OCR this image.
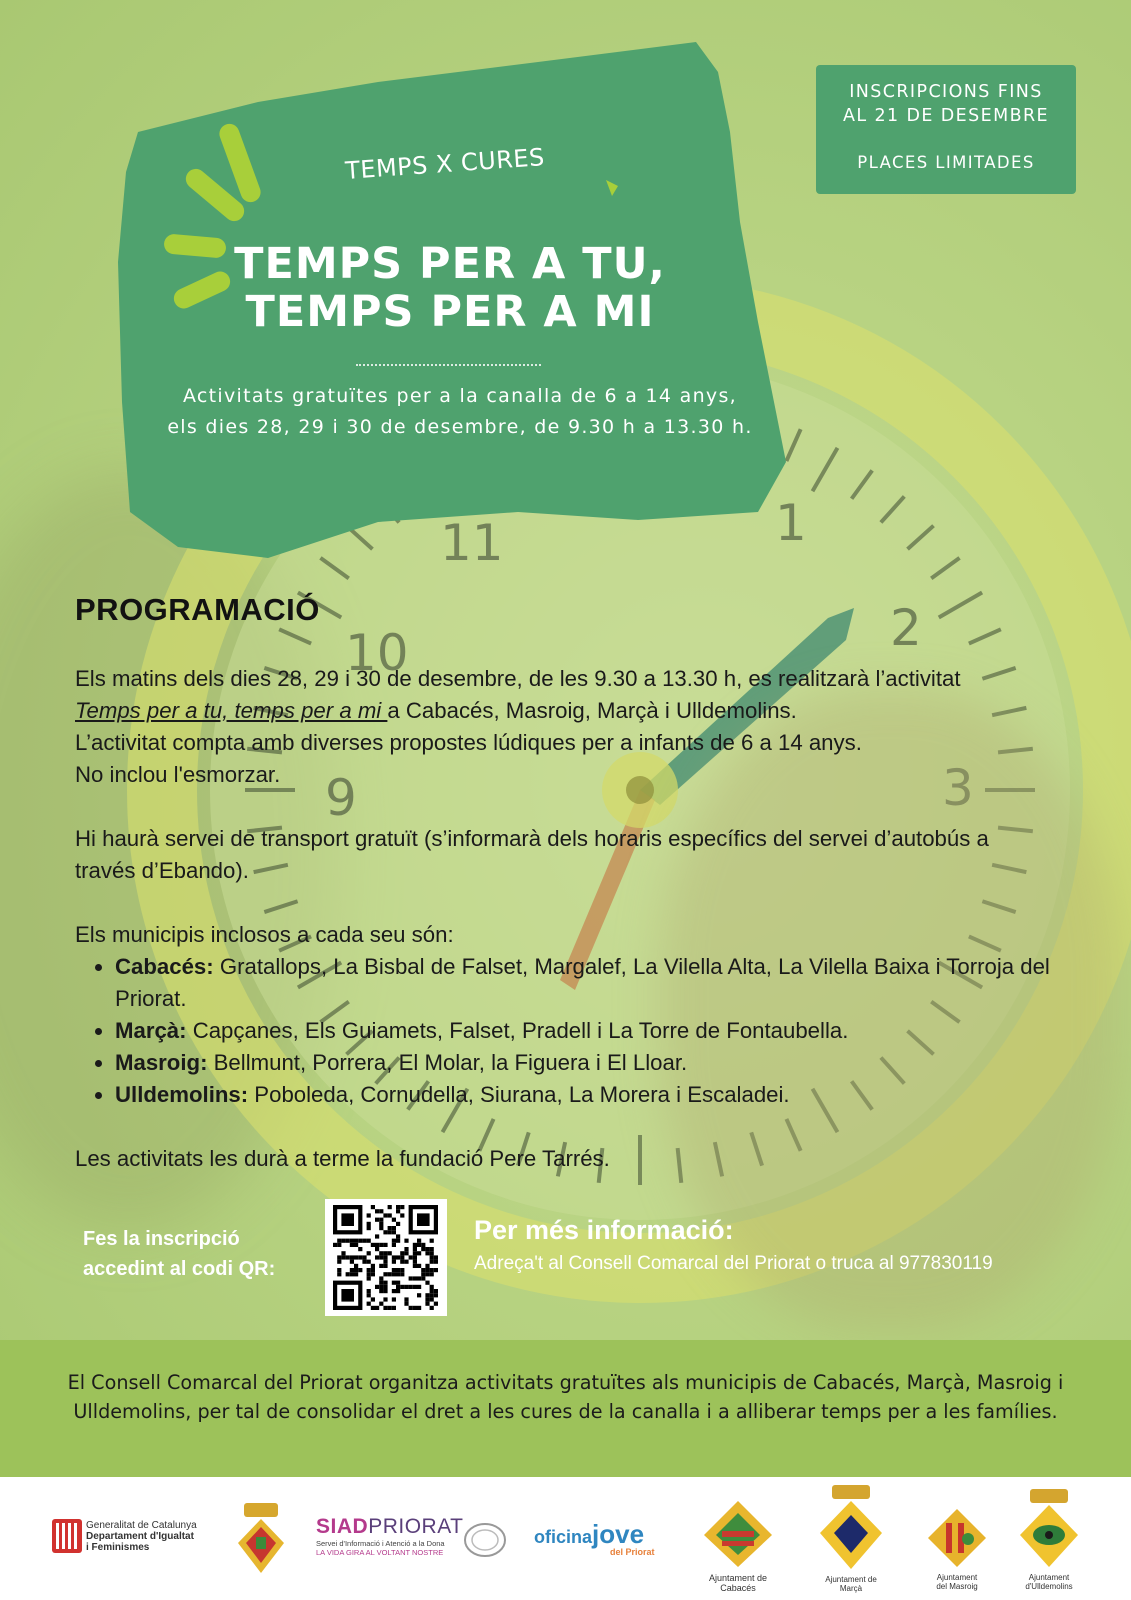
1
2
3
9
10
11
TEMPS X CURES
TEMPS PER A TU,
TEMPS PER A MI
Activitats gratuïtes per a la canalla de 6 a 14 anys,
els dies 28, 29 i 30 de desembre, de 9.30 h a 13.30 h.
INSCRIPCIONS FINS
AL 21 DE DESEMBRE
PLACES LIMITADES
PROGRAMACIÓ

Els matins dels dies 28, 29 i 30 de desembre, de les 9.30 a 13.30 h, es realitzarà l’activitat
Temps per a tu, temps per a mi a Cabacés, Masroig, Marçà i Ulldemolins.
L’activitat compta amb diverses propostes lúdiques per a infants de 6 a 14 anys.
No inclou l'esmorzar.

Hi haurà servei de transport gratuït (s’informarà dels horaris específics del servei d’autobús a través d’Ebando).

Els municipis inclosos a cada seu són:

• Cabacés: Gratallops, La Bisbal de Falset, Margalef, La Vilella Alta, La Vilella Baixa i Torroja del Priorat.
• Marçà: Capçanes, Els Guiamets, Falset, Pradell i La Torre de Fontaubella.
• Masroig: Bellmunt, Porrera, El Molar, la Figuera i El Lloar.
• Ulldemolins: Poboleda, Cornudella, Siurana, La Morera i Escaladei.

Les activitats les durà a terme la fundació Pere Tarrés.

Fes la inscripció
accedint al codi QR:
Per més informació:
Adreça't al Consell Comarcal del Priorat o truca al 977830119
El Consell Comarcal del Priorat organitza activitats gratuïtes als municipis de Cabacés, Marçà, Masroig i Ulldemolins, per tal de consolidar el dret a les cures de la canalla i a alliberar temps per a les famílies.
Generalitat de Catalunya
Departament d'Igualtat
i Feminismes
SIADPRIORAT
Servei d'Informació i Atenció a la Dona
LA VIDA GIRA AL VOLTANT NOSTRE
oficinajove
del Priorat
Ajuntament de
Cabacés
Ajuntament de
Marçà
Ajuntament
del Masroig
Ajuntament
d'Ulldemolins
